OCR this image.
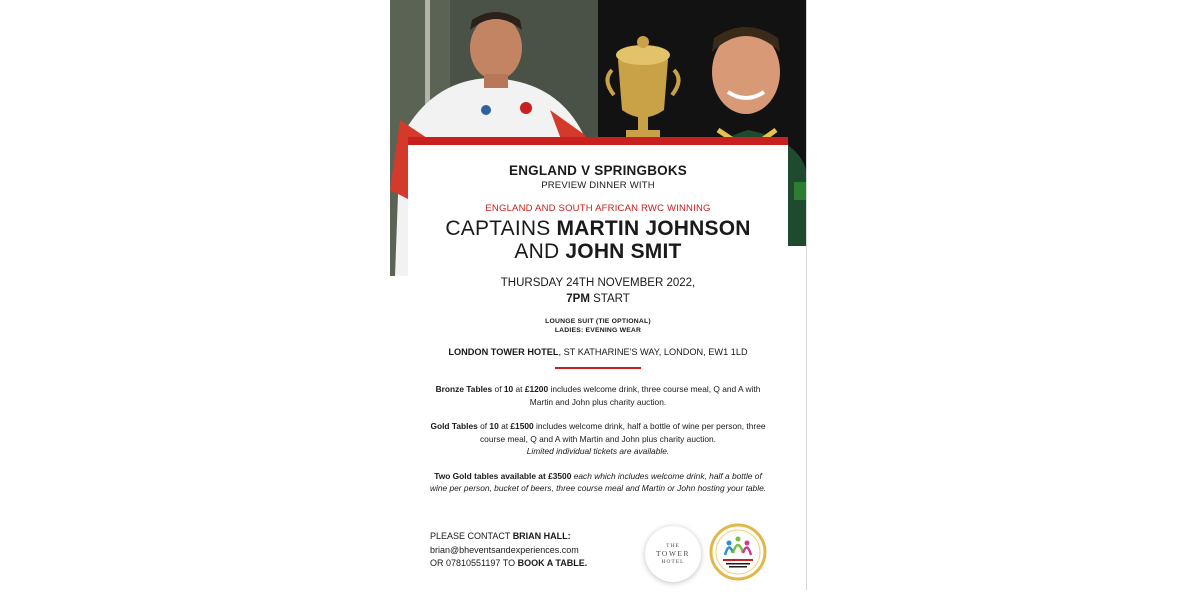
ENGLAND V SPRINGBOKS
PREVIEW DINNER WITH
ENGLAND AND SOUTH AFRICAN RWC WINNING
CAPTAINS MARTIN JOHNSON
AND JOHN SMIT
THURSDAY 24TH NOVEMBER 2022,
7PM START
LOUNGE SUIT (TIE OPTIONAL)
LADIES: EVENING WEAR
LONDON TOWER HOTEL, ST KATHARINE'S WAY, LONDON, EW1 1LD
Bronze Tables of 10 at £1200 includes welcome drink, three course meal, Q and A with Martin and John plus charity auction.
Gold Tables of 10 at £1500 includes welcome drink, half a bottle of wine per person, three course meal, Q and A with Martin and John plus charity auction.
Limited individual tickets are available.
Two Gold tables available at £3500 each which includes welcome drink, half a bottle of wine per person, bucket of beers, three course meal and Martin or John hosting your table.
PLEASE CONTACT BRIAN HALL:
brian@bheventsandexperiences.com
OR 07810551197 TO BOOK A TABLE.
THE
TOWER
HOTEL
